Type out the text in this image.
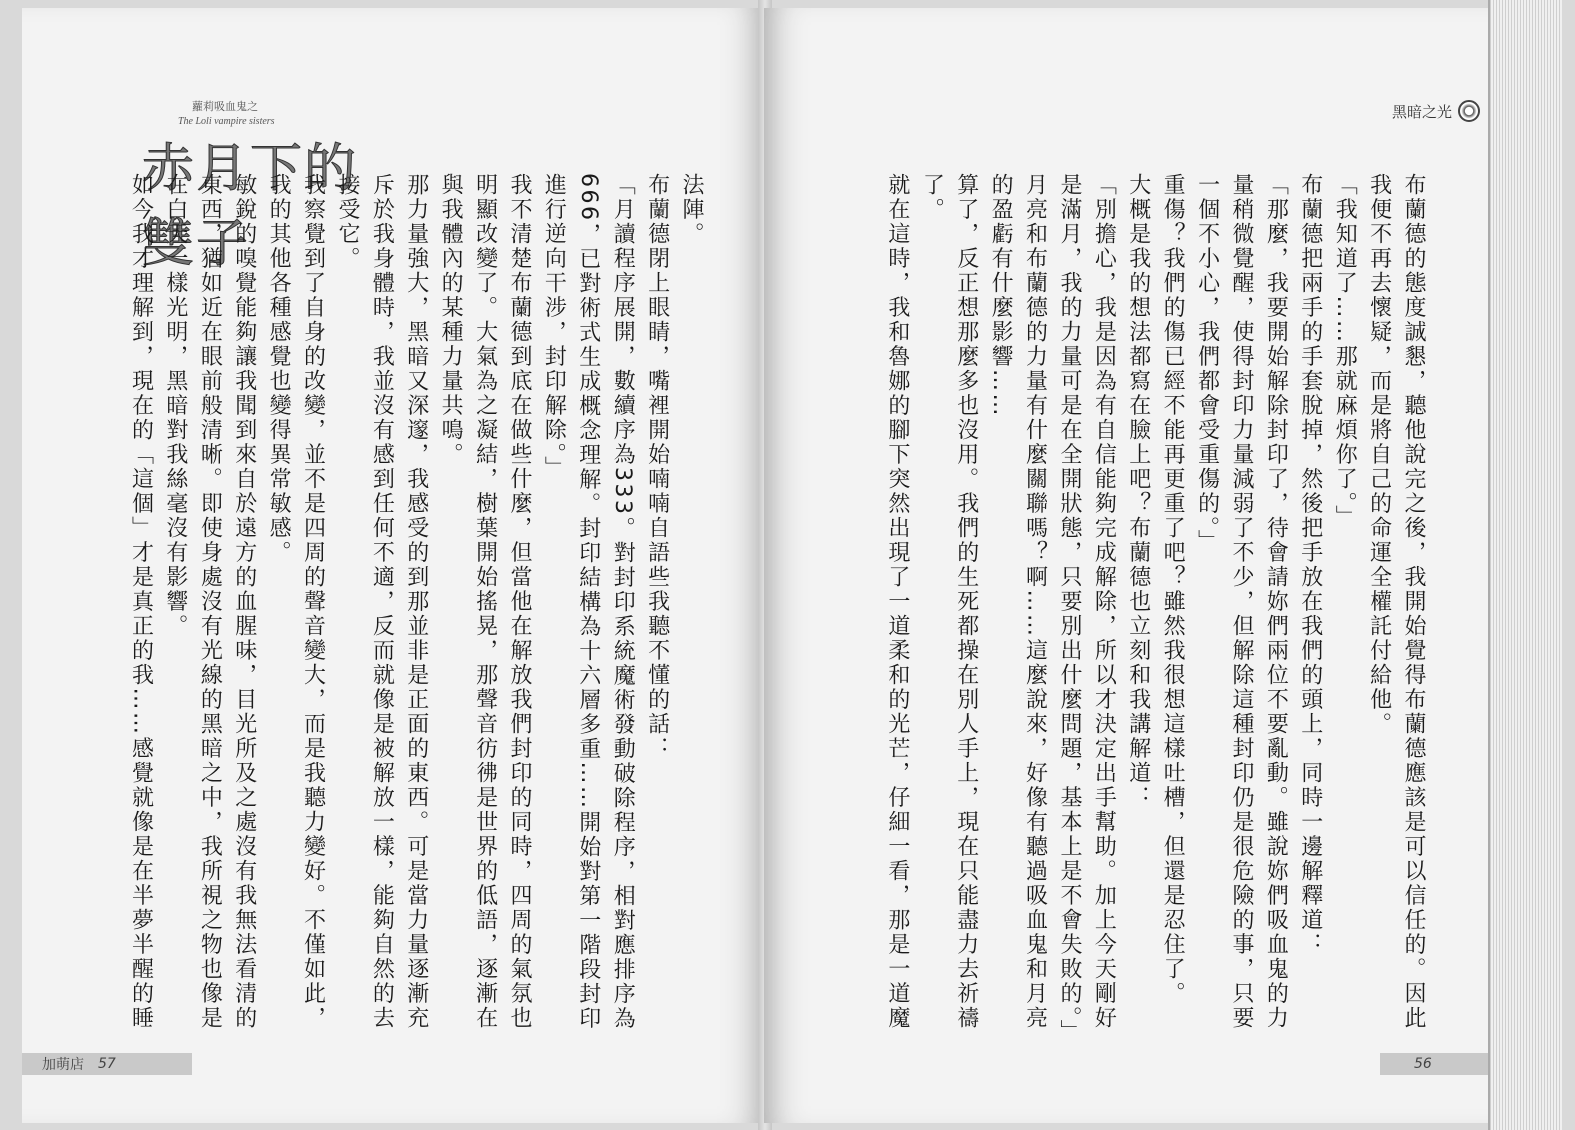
蘿莉吸血鬼之
The Loli vampire sisters
赤月下的雙子	法陣。

布蘭德閉上眼睛，嘴裡開始喃喃自語些我聽不懂的話：

「月讀程序展開，數續序為333。對封印系統魔術發動破除程序，相對應排序為666，已對術式生成概念理解。封印結構為十六層多重……開始對第一階段封印進行逆向干涉，封印解除。」

我不清楚布蘭德到底在做些什麼，但當他在解放我們封印的同時，四周的氣氛也明顯改變了。大氣為之凝結，樹葉開始搖晃，那聲音彷彿是世界的低語，逐漸在與我體內的某種力量共鳴。

那力量強大，黑暗又深邃，我感受的到那並非是正面的東西。可是當力量逐漸充斥於我身體時，我並沒有感到任何不適，反而就像是被解放一樣，能夠自然的去接受它。

我察覺到了自身的改變，並不是四周的聲音變大，而是我聽力變好。不僅如此，我的其他各種感覺也變得異常敏感。

敏銳的嗅覺能夠讓我聞到來自於遠方的血腥味，目光所及之處沒有我無法看清的東西，猶如近在眼前般清晰。即使身處沒有光線的黑暗之中，我所視之物也像是在白天一樣光明，黑暗對我絲毫沒有影響。

如今我才理解到，現在的「這個」才是真正的我……感覺就像是在半夢半醒的睡

加萌店 57
黑暗之光

布蘭德的態度誠懇，聽他說完之後，我開始覺得布蘭德應該是可以信任的。因此我便不再去懷疑，而是將自己的命運全權託付給他。

「我知道了……那就麻煩你了。」

布蘭德把兩手的手套脫掉，然後把手放在我們的頭上，同時一邊解釋道：

「那麼，我要開始解除封印了，待會請妳們兩位不要亂動。雖說妳們吸血鬼的力量稍微覺醒，使得封印力量減弱了不少，但解除這種封印仍是很危險的事，只要一個不小心，我們都會受重傷的。」

重傷？我們的傷已經不能再更重了吧？雖然我很想這樣吐槽，但還是忍住了。

大概是我的想法都寫在臉上吧？布蘭德也立刻和我講解道：

「別擔心，我是因為有自信能夠完成解除，所以才決定出手幫助。加上今天剛好是滿月，我的力量可是在全開狀態，只要別出什麼問題，基本上是不會失敗的。」

月亮和布蘭德的力量有什麼關聯嗎？啊……這麼說來，好像有聽過吸血鬼和月亮的盈虧有什麼影響……

算了，反正想那麼多也沒用。我們的生死都操在別人手上，現在只能盡力去祈禱了。

就在這時，我和魯娜的腳下突然出現了一道柔和的光芒，仔細一看，那是一道魔

56
